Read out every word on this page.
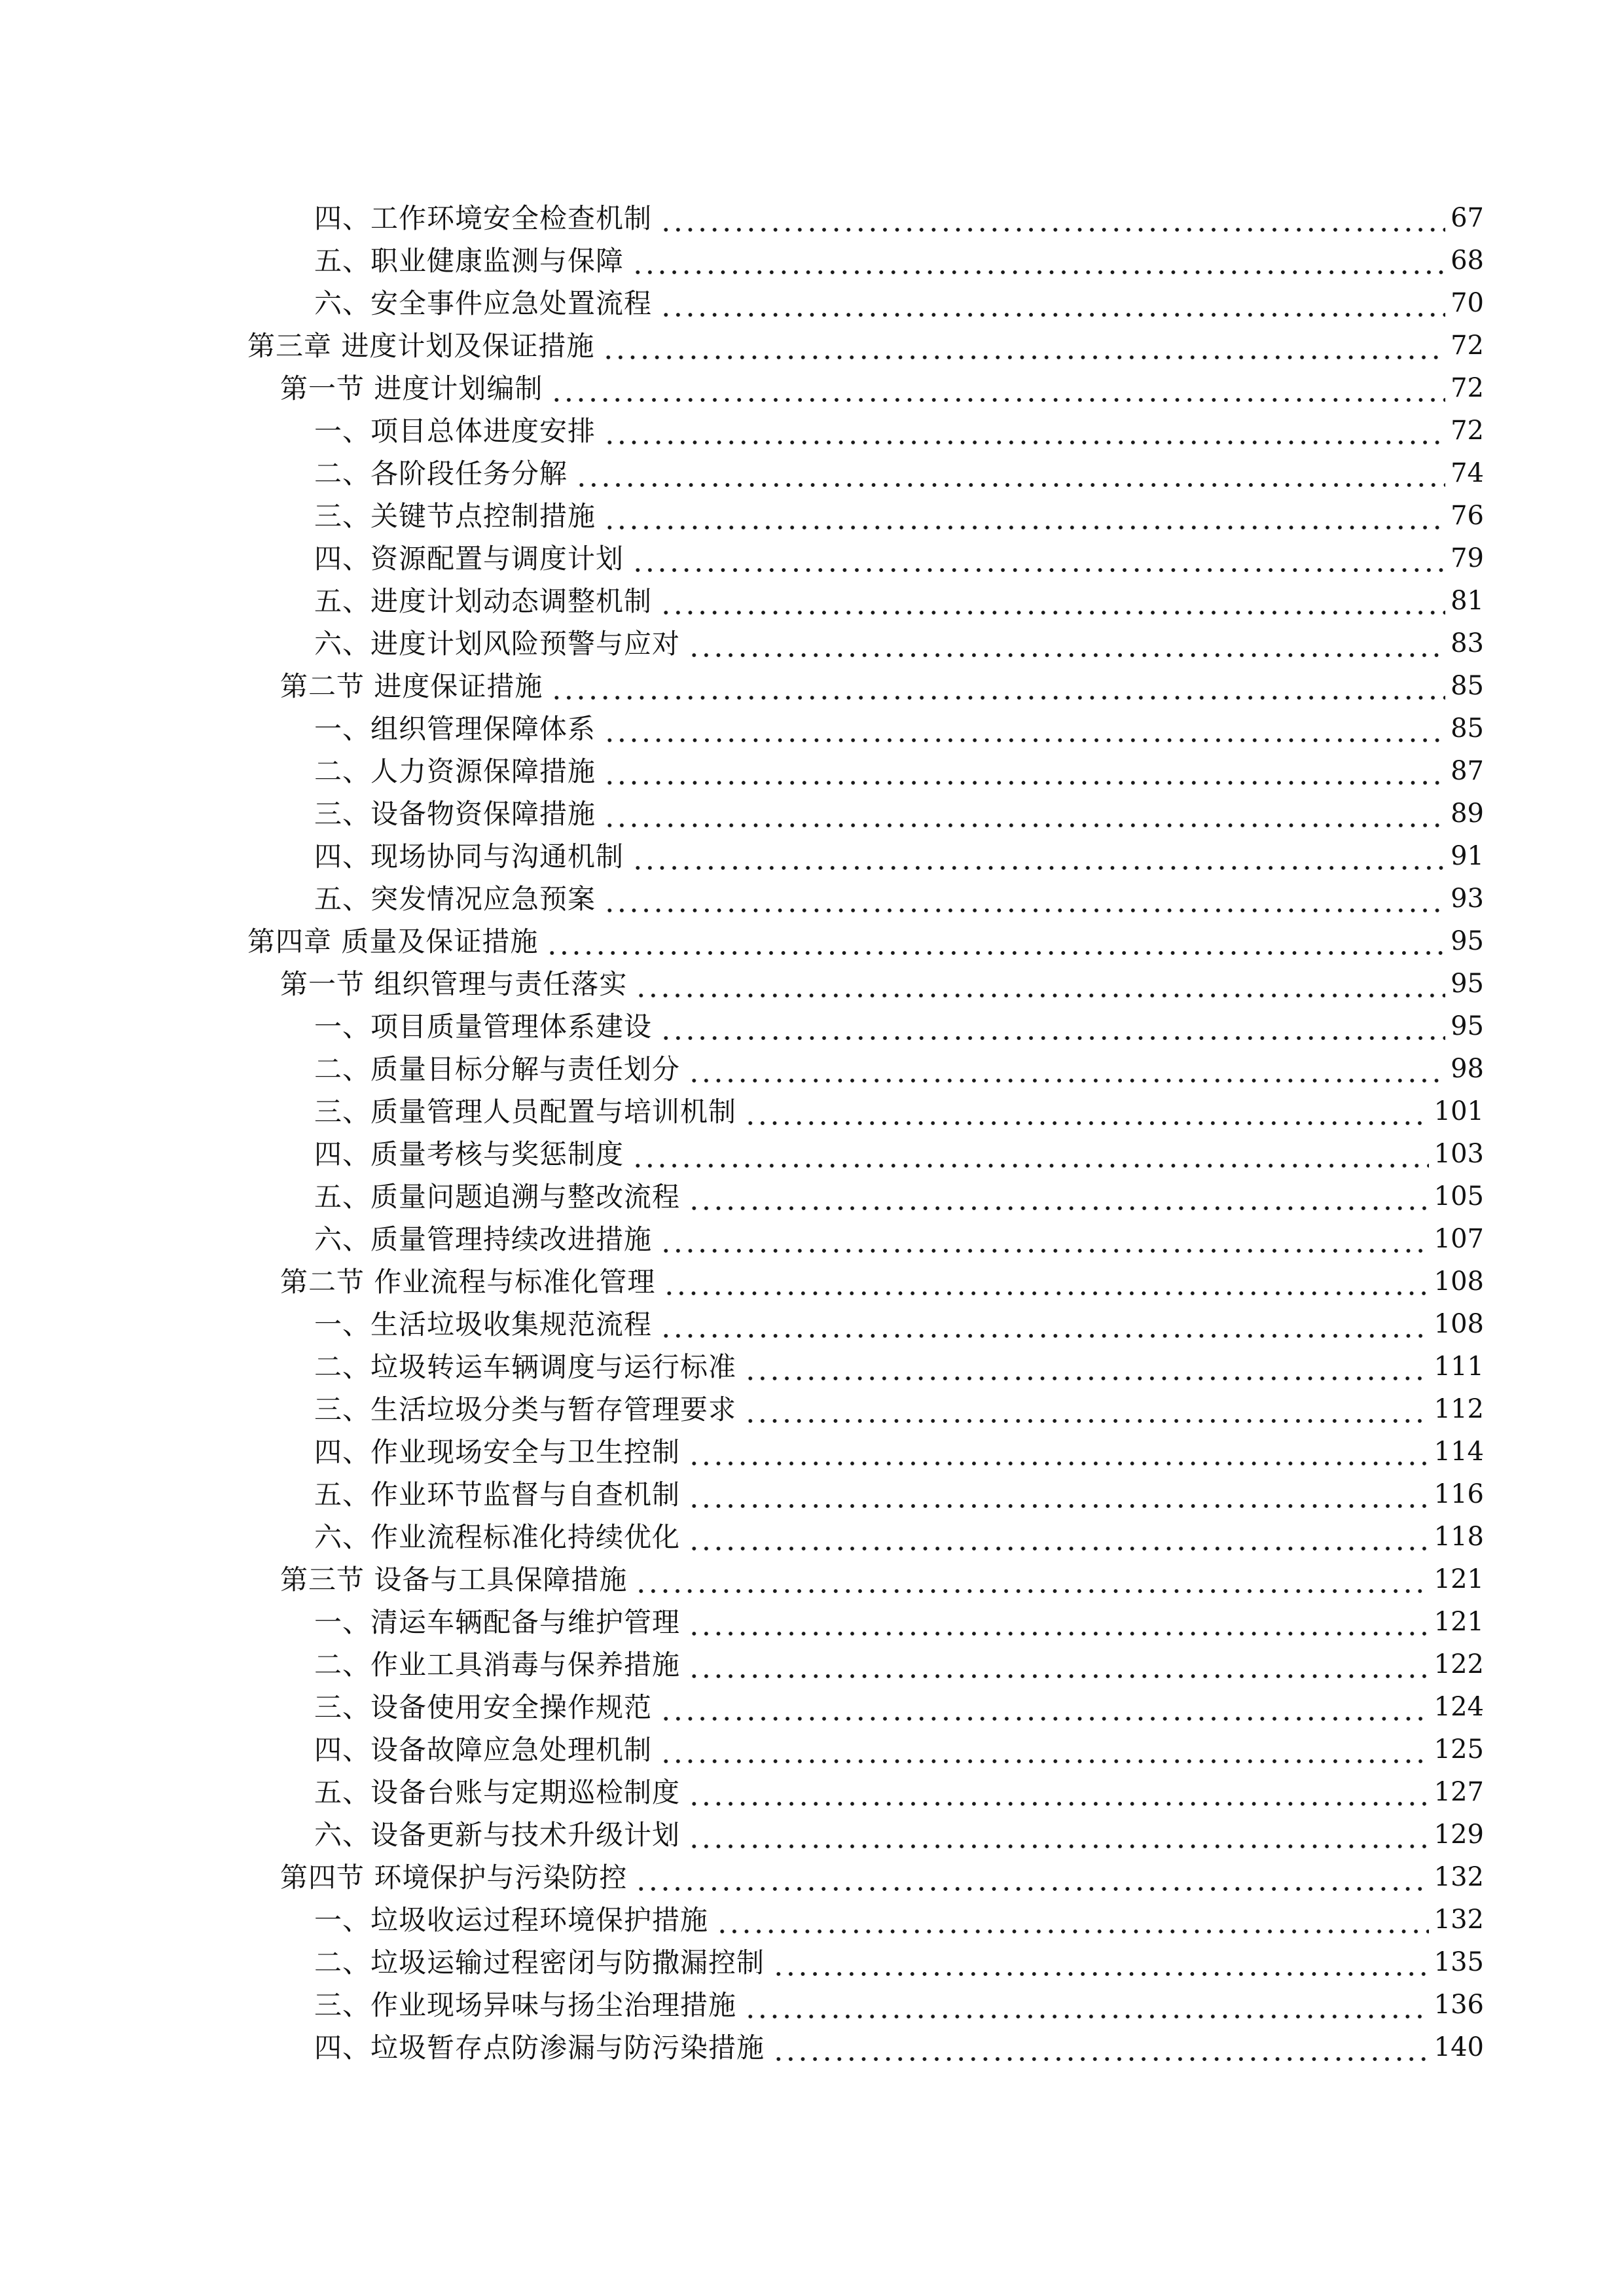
四、工作环境安全检查机制	67
五、职业健康监测与保障	68
六、安全事件应急处置流程	70
第三章 进度计划及保证措施	72
第一节 进度计划编制	72
一、项目总体进度安排	72
二、各阶段任务分解	74
三、关键节点控制措施	76
四、资源配置与调度计划	79
五、进度计划动态调整机制	81
六、进度计划风险预警与应对	83
第二节 进度保证措施	85
一、组织管理保障体系	85
二、人力资源保障措施	87
三、设备物资保障措施	89
四、现场协同与沟通机制	91
五、突发情况应急预案	93
第四章 质量及保证措施	95
第一节 组织管理与责任落实	95
一、项目质量管理体系建设	95
二、质量目标分解与责任划分	98
三、质量管理人员配置与培训机制	101
四、质量考核与奖惩制度	103
五、质量问题追溯与整改流程	105
六、质量管理持续改进措施	107
第二节 作业流程与标准化管理	108
一、生活垃圾收集规范流程	108
二、垃圾转运车辆调度与运行标准	111
三、生活垃圾分类与暂存管理要求	112
四、作业现场安全与卫生控制	114
五、作业环节监督与自查机制	116
六、作业流程标准化持续优化	118
第三节 设备与工具保障措施	121
一、清运车辆配备与维护管理	121
二、作业工具消毒与保养措施	122
三、设备使用安全操作规范	124
四、设备故障应急处理机制	125
五、设备台账与定期巡检制度	127
六、设备更新与技术升级计划	129
第四节 环境保护与污染防控	132
一、垃圾收运过程环境保护措施	132
二、垃圾运输过程密闭与防撒漏控制	135
三、作业现场异味与扬尘治理措施	136
四、垃圾暂存点防渗漏与防污染措施	140
